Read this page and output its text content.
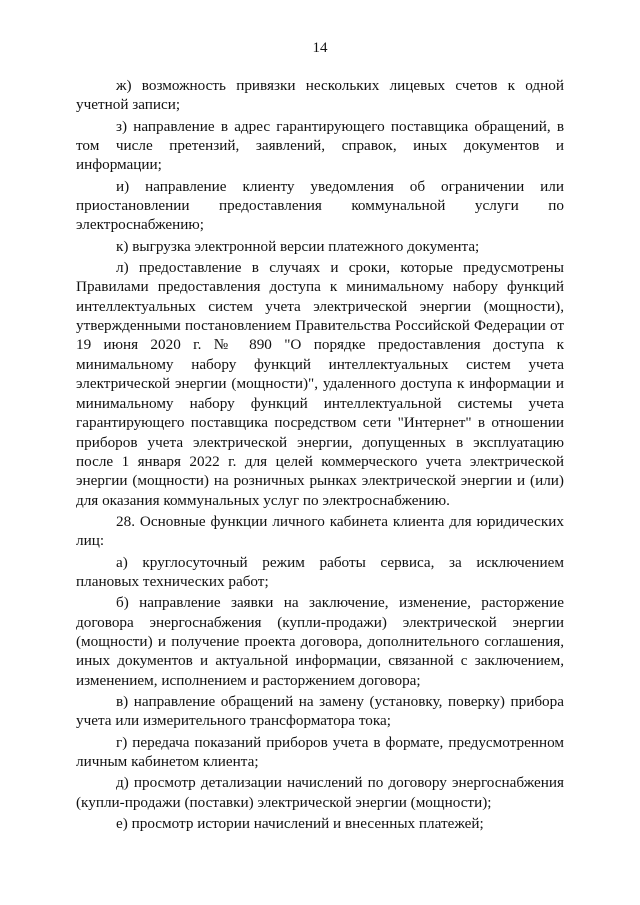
14

ж) возможность привязки нескольких лицевых счетов к одной учетной записи;

з) направление в адрес гарантирующего поставщика обращений, в том числе претензий, заявлений, справок, иных документов и информации;

и) направление клиенту уведомления об ограничении или приостановлении предоставления коммунальной услуги по электроснабжению;

к) выгрузка электронной версии платежного документа;

л) предоставление в случаях и сроки, которые предусмотрены Правилами предоставления доступа к минимальному набору функций интеллектуальных систем учета электрической энергии (мощности), утвержденными постановлением Правительства Российской Федерации от 19 июня 2020 г. № 890 "О порядке предоставления доступа к минимальному набору функций интеллектуальных систем учета электрической энергии (мощности)", удаленного доступа к информации и минимальному набору функций интеллектуальной системы учета гарантирующего поставщика посредством сети "Интернет" в отношении приборов учета электрической энергии, допущенных в эксплуатацию после 1 января 2022 г. для целей коммерческого учета электрической энергии (мощности) на розничных рынках электрической энергии и (или) для оказания коммунальных услуг по электроснабжению.

28. Основные функции личного кабинета клиента для юридических лиц:

а) круглосуточный режим работы сервиса, за исключением плановых технических работ;

б) направление заявки на заключение, изменение, расторжение договора энергоснабжения (купли-продажи) электрической энергии (мощности) и получение проекта договора, дополнительного соглашения, иных документов и актуальной информации, связанной с заключением, изменением, исполнением и расторжением договора;

в) направление обращений на замену (установку, поверку) прибора учета или измерительного трансформатора тока;

г) передача показаний приборов учета в формате, предусмотренном личным кабинетом клиента;

д) просмотр детализации начислений по договору энергоснабжения (купли-продажи (поставки) электрической энергии (мощности);

е) просмотр истории начислений и внесенных платежей;
